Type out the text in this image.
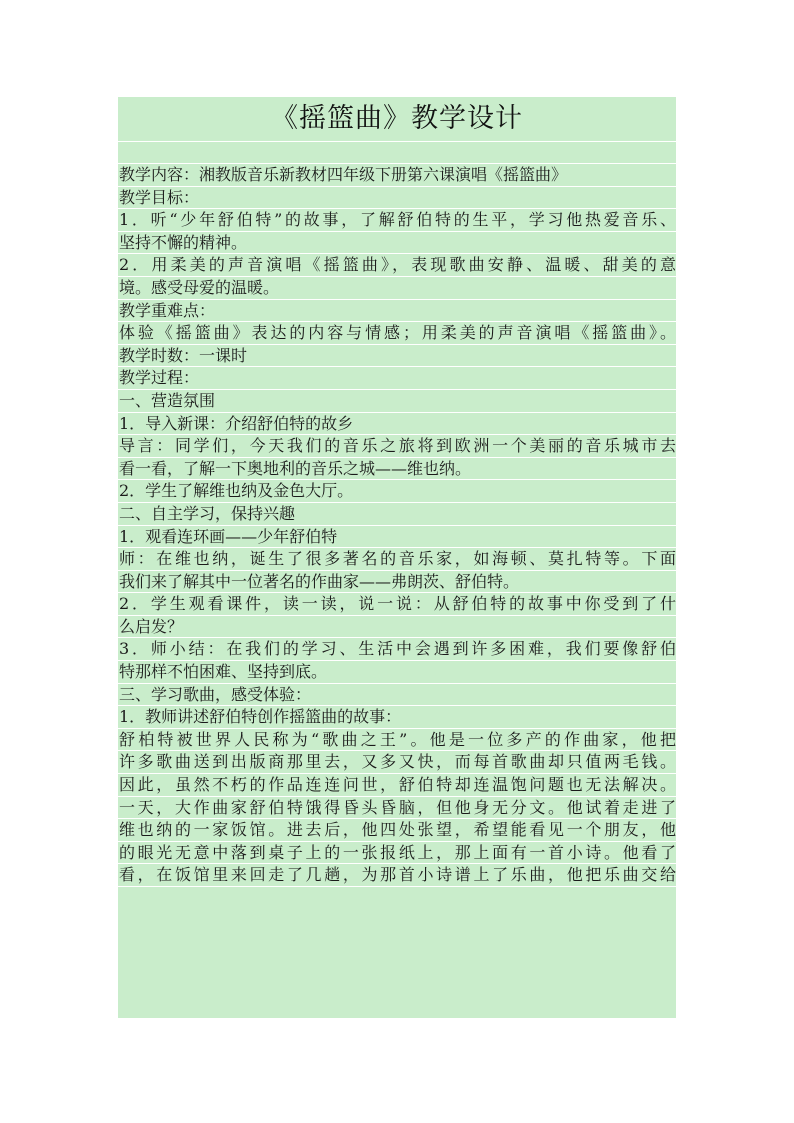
《摇篮曲》教学设计
教学内容：湘教版音乐新教材四年级下册第六课演唱《摇篮曲》
教学目标：
1．听“少年舒伯特”的故事，了解舒伯特的生平，学习他热爱音乐、
坚持不懈的精神。
2．用柔美的声音演唱《摇篮曲》，表现歌曲安静、温暖、甜美的意
境。感受母爱的温暖。
教学重难点：
体验《摇篮曲》表达的内容与情感；用柔美的声音演唱《摇篮曲》。
教学时数：一课时
教学过程：
一、营造氛围
1．导入新课：介绍舒伯特的故乡
导言：同学们，今天我们的音乐之旅将到欧洲一个美丽的音乐城市去
看一看，了解一下奥地利的音乐之城——维也纳。
2．学生了解维也纳及金色大厅。
二、自主学习，保持兴趣
1．观看连环画——少年舒伯特
师：在维也纳，诞生了很多著名的音乐家，如海顿、莫扎特等。下面
我们来了解其中一位著名的作曲家——弗朗茨、舒伯特。
2．学生观看课件，读一读，说一说：从舒伯特的故事中你受到了什
么启发？
3．师小结：在我们的学习、生活中会遇到许多困难，我们要像舒伯
特那样不怕困难、坚持到底。
三、学习歌曲，感受体验：
1．教师讲述舒伯特创作摇篮曲的故事：
舒柏特被世界人民称为“歌曲之王”。他是一位多产的作曲家，他把
许多歌曲送到出版商那里去，又多又快，而每首歌曲却只值两毛钱。
因此，虽然不朽的作品连连问世，舒伯特却连温饱问题也无法解决。
一天，大作曲家舒伯特饿得昏头昏脑，但他身无分文。他试着走进了
维也纳的一家饭馆。进去后，他四处张望，希望能看见一个朋友，他
的眼光无意中落到桌子上的一张报纸上，那上面有一首小诗。他看了
看，在饭馆里来回走了几趟，为那首小诗谱上了乐曲，他把乐曲交给
